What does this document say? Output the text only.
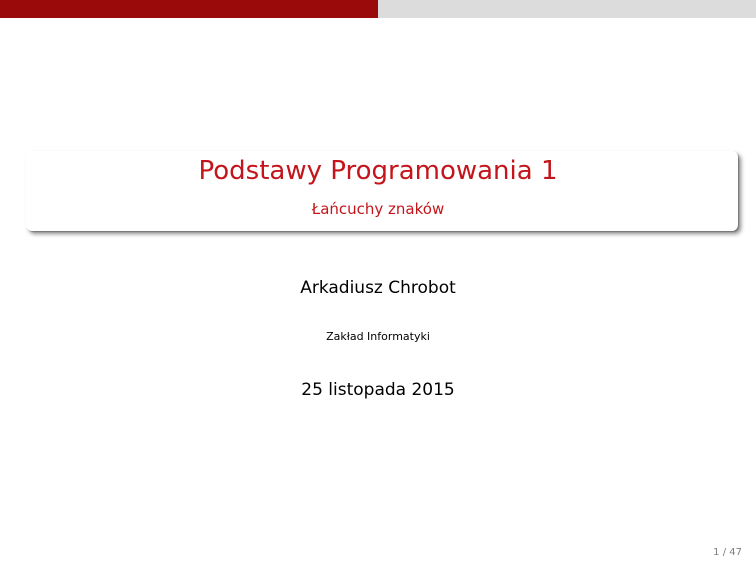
Podstawy Programowania 1
Łańcuchy znaków
Arkadiusz Chrobot
Zakład Informatyki
25 listopada 2015
1 / 47
